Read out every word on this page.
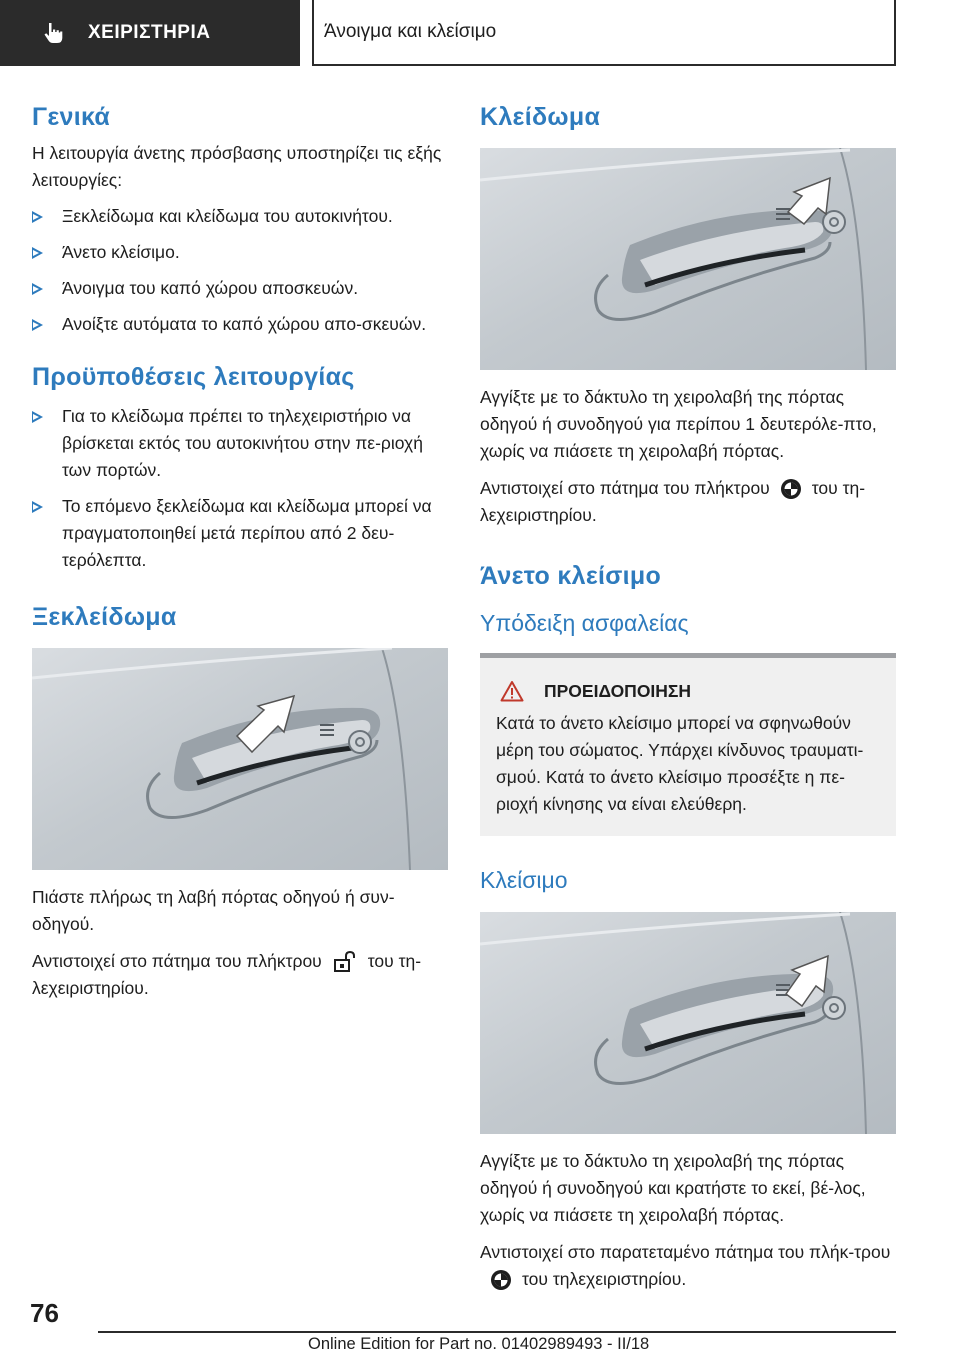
ΧΕΙΡΙΣΤΗΡΙΑ	Άνοιγμα και κλείσιμο
Γενικά
Η λειτουργία άνετης πρόσβασης υποστηρίζει τις εξής λειτουργίες:
Ξεκλείδωμα και κλείδωμα του αυτοκινήτου.
Άνετο κλείσιμο.
Άνοιγμα του καπό χώρου αποσκευών.
Ανοίξτε αυτόματα το καπό χώρου απο-σκευών.
Προϋποθέσεις λειτουργίας
Για το κλείδωμα πρέπει το τηλεχειριστήριο να βρίσκεται εκτός του αυτοκινήτου στην πε-ριοχή των πορτών.
Το επόμενο ξεκλείδωμα και κλείδωμα μπορεί να πραγματοποιηθεί μετά περίπου από 2 δευ-τερόλεπτα.
Ξεκλείδωμα
Πιάστε πλήρως τη λαβή πόρτας οδηγού ή συν-οδηγού.
Αντιστοιχεί στο πάτημα του πλήκτρου	του τη-λεχειριστηρίου.
Κλείδωμα
Αγγίξτε με το δάκτυλο τη χειρολαβή της πόρτας οδηγού ή συνοδηγού για περίπου 1 δευτερόλε-πτο, χωρίς να πιάσετε τη χειρολαβή πόρτας.
Αντιστοιχεί στο πάτημα του πλήκτρου του τη-λεχειριστηρίου.
Άνετο κλείσιμο
Υπόδειξη ασφαλείας
ΠΡΟΕΙΔΟΠΟΙΗΣΗ
Κατά το άνετο κλείσιμο μπορεί να σφηνωθούν μέρη του σώματος. Υπάρχει κίνδυνος τραυματι-σμού. Κατά το άνετο κλείσιμο προσέξτε η πε-ριοχή κίνησης να είναι ελεύθερη.
Κλείσιμο
Αγγίξτε με το δάκτυλο τη χειρολαβή της πόρτας οδηγού ή συνοδηγού και κρατήστε το εκεί, βέ-λος, χωρίς να πιάσετε τη χειρολαβή πόρτας.
Αντιστοιχεί στο παρατεταμένο πάτημα του πλήκ-τρουτου τηλεχειριστηρίου.
76
Online Edition for Part no. 01402989493 - II/18
